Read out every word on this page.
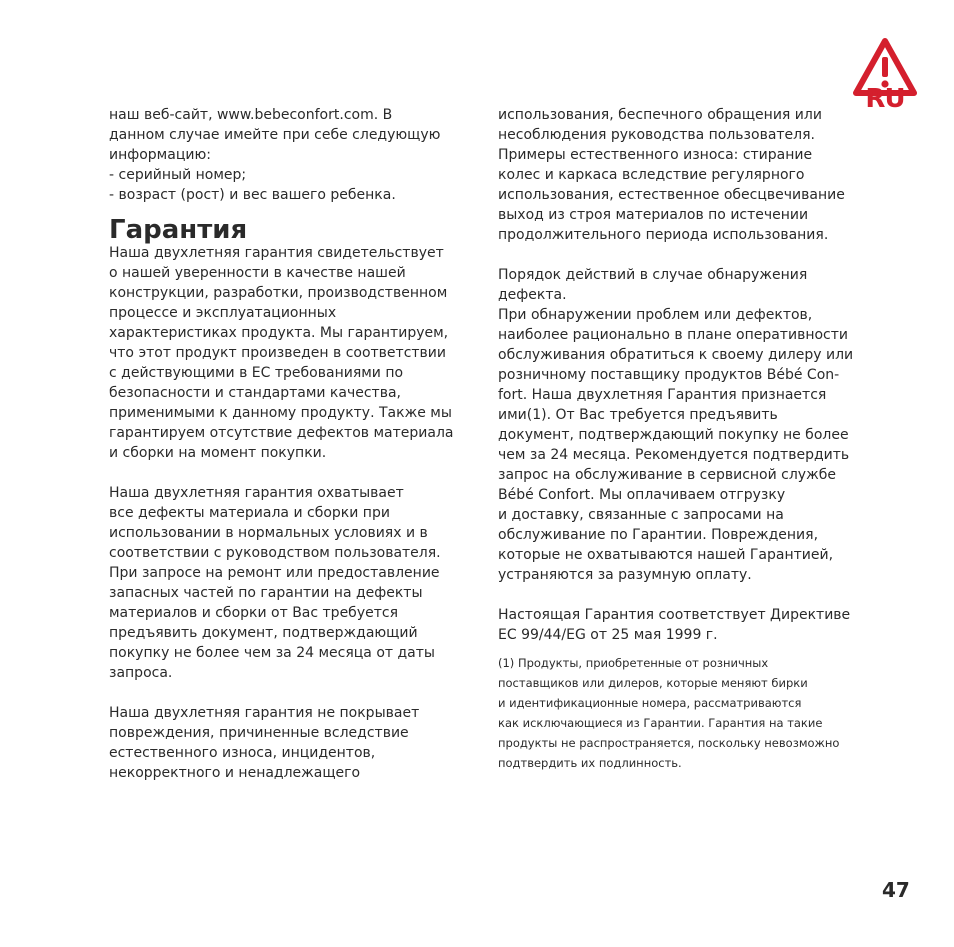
RU
наш веб-сайт, www.bebeconfort.com. В
данном случае имейте при себе следующую
информацию:
- серийный номер;
- возраст (рост) и вес вашего ребенка.
Гарантия
Наша двухлетняя гарантия свидетельствует
о нашей уверенности в качестве нашей
конструкции, разработки, производственном
процессе и эксплуатационных
характеристиках продукта. Мы гарантируем,
что этот продукт произведен в соответствии
с действующими в ЕС требованиями по
безопасности и стандартами качества,
применимыми к данному продукту. Также мы
гарантируем отсутствие дефектов материала
и сборки на момент покупки.
Наша двухлетняя гарантия охватывает
все дефекты материала и сборки при
использовании в нормальных условиях и в
соответствии с руководством пользователя.
При запросе на ремонт или предоставление
запасных частей по гарантии на дефекты
материалов и сборки от Вас требуется
предъявить документ, подтверждающий
покупку не более чем за 24 месяца от даты
запроса.
Наша двухлетняя гарантия не покрывает
повреждения, причиненные вследствие
естественного износа, инцидентов,
некорректного и ненадлежащего
использования, беспечного обращения или
несоблюдения руководства пользователя.
Примеры естественного износа: стирание
колес и каркаса вследствие регулярного
использования, естественное обесцвечивание
выход из строя материалов по истечении
продолжительного периода использования.
Порядок действий в случае обнаружения
дефекта.
При обнаружении проблем или дефектов,
наиболее рационально в плане оперативности
обслуживания обратиться к своему дилеру или
розничному поставщику продуктов Bébé Con-
fort. Наша двухлетняя Гарантия признается
ими(1). От Вас требуется предъявить
документ, подтверждающий покупку не более
чем за 24 месяца. Рекомендуется подтвердить
запрос на обслуживание в сервисной службе
Bébé Confort. Мы оплачиваем отгрузку
и доставку, связанные с запросами на
обслуживание по Гарантии. Повреждения,
которые не охватываются нашей Гарантией,
устраняются за разумную оплату.
Настоящая Гарантия соответствует Директиве
ЕС 99/44/EG от 25 мая 1999 г.
(1) Продукты, приобретенные от розничных
поставщиков или дилеров, которые меняют бирки
и идентификационные номера, рассматриваются
как исключающиеся из Гарантии. Гарантия на такие
продукты не распространяется, поскольку невозможно
подтвердить их подлинность.
47
